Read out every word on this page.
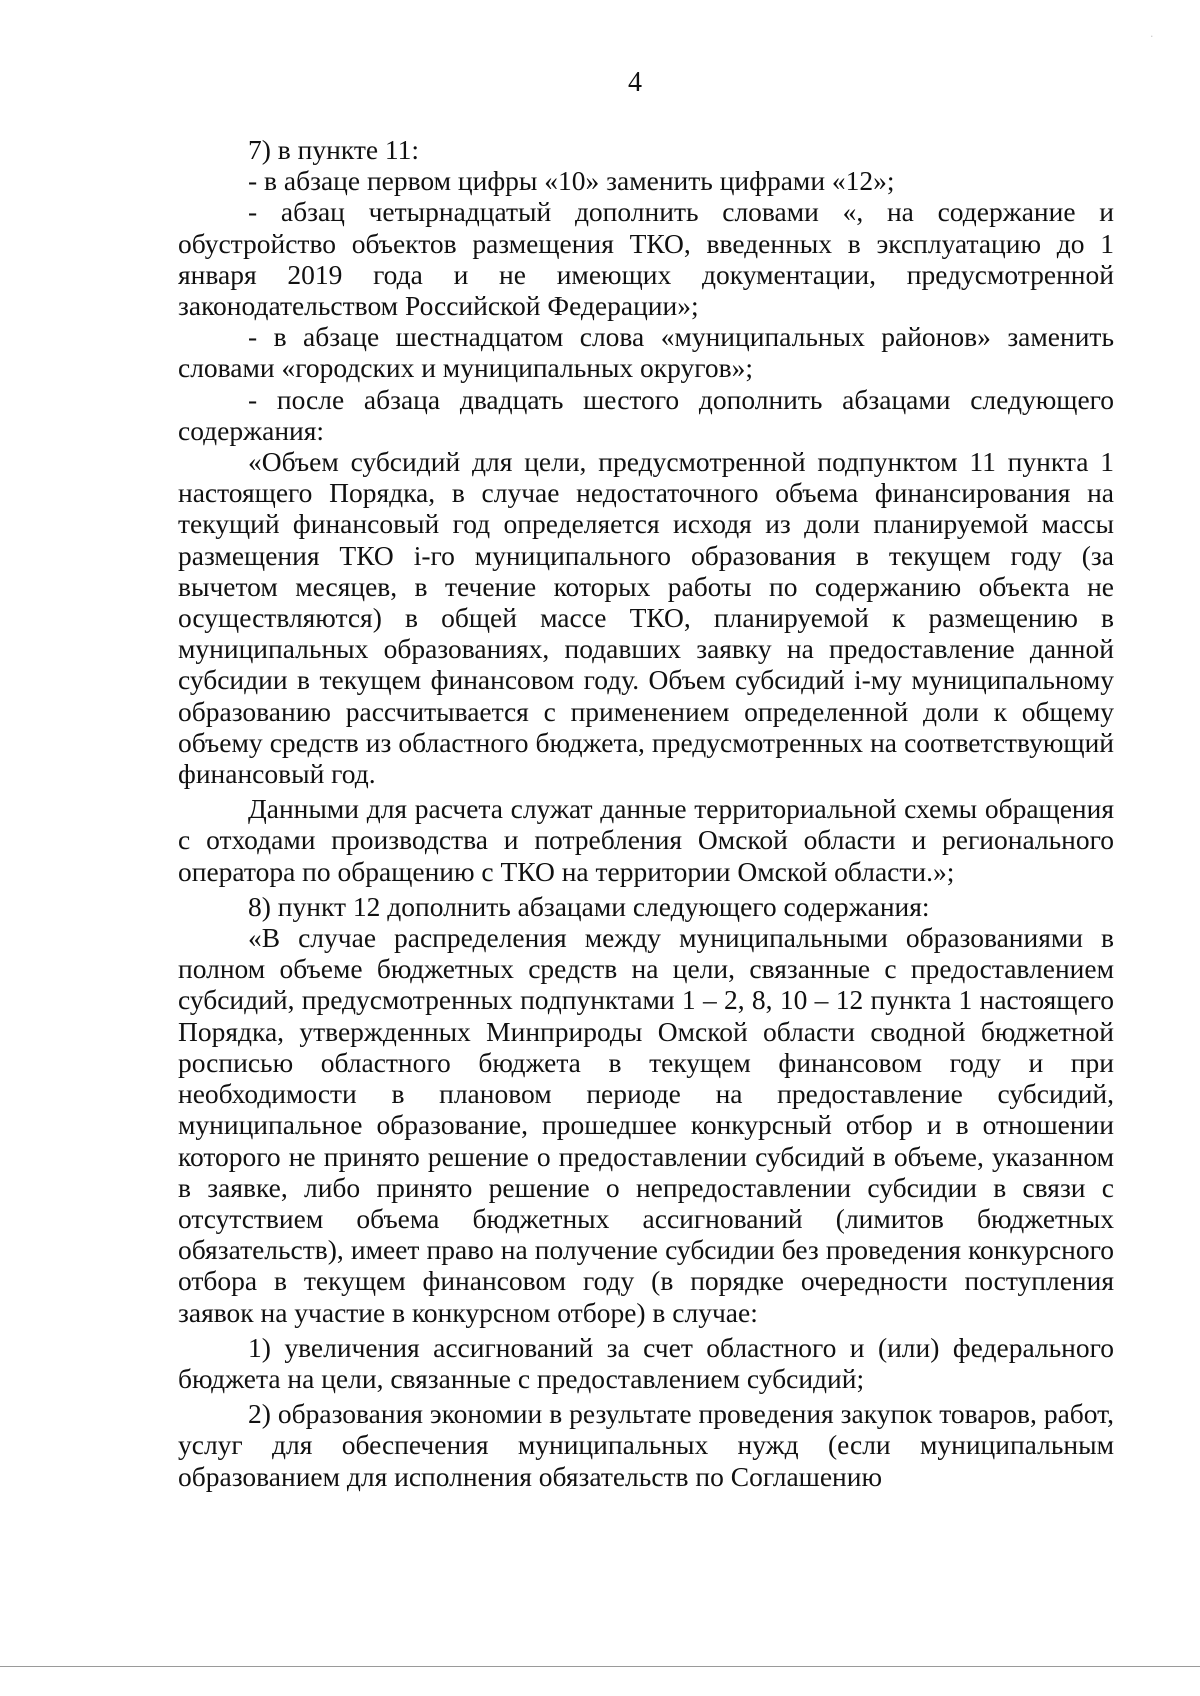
4

7) в пункте 11:

- в абзаце первом цифры «10» заменить цифрами «12»;

- абзац четырнадцатый дополнить словами «, на содержание и обустройство объектов размещения ТКО, введенных в эксплуатацию до 1 января 2019 года и не имеющих документации, предусмотренной законодательством Российской Федерации»;

- в абзаце шестнадцатом слова «муниципальных районов» заменить словами «городских и муниципальных округов»;

- после абзаца двадцать шестого дополнить абзацами следующего содержания:

«Объем субсидий для цели, предусмотренной подпунктом 11 пункта 1 настоящего Порядка, в случае недостаточного объема финансирования на текущий финансовый год определяется исходя из доли планируемой массы размещения ТКО i-го муниципального образования в текущем году (за вычетом месяцев, в течение которых работы по содержанию объекта не осуществляются) в общей массе ТКО, планируемой к размещению в муниципальных образованиях, подавших заявку на предоставление данной субсидии в текущем финансовом году. Объем субсидий i-му муниципальному образованию рассчитывается с применением определенной доли к общему объему средств из областного бюджета, предусмотренных на соответствующий финансовый год.

Данными для расчета служат данные территориальной схемы обращения с отходами производства и потребления Омской области и регионального оператора по обращению с ТКО на территории Омской области.»;

8) пункт 12 дополнить абзацами следующего содержания:

«В случае распределения между муниципальными образованиями в полном объеме бюджетных средств на цели, связанные с предоставлением субсидий, предусмотренных подпунктами 1 – 2, 8, 10 – 12 пункта 1 настоящего Порядка, утвержденных Минприроды Омской области сводной бюджетной росписью областного бюджета в текущем финансовом году и при необходимости в плановом периоде на предоставление субсидий, муниципальное образование, прошедшее конкурсный отбор и в отношении которого не принято решение о предоставлении субсидий в объеме, указанном в заявке, либо принято решение о непредоставлении субсидии в связи с отсутствием объема бюджетных ассигнований (лимитов бюджетных обязательств), имеет право на получение субсидии без проведения конкурсного отбора в текущем финансовом году (в порядке очередности поступления заявок на участие в конкурсном отборе) в случае:

1) увеличения ассигнований за счет областного и (или) федерального бюджета на цели, связанные с предоставлением субсидий;

2) образования экономии в результате проведения закупок товаров, работ, услуг для обеспечения муниципальных нужд (если муниципальным образованием для исполнения обязательств по Соглашению

·
